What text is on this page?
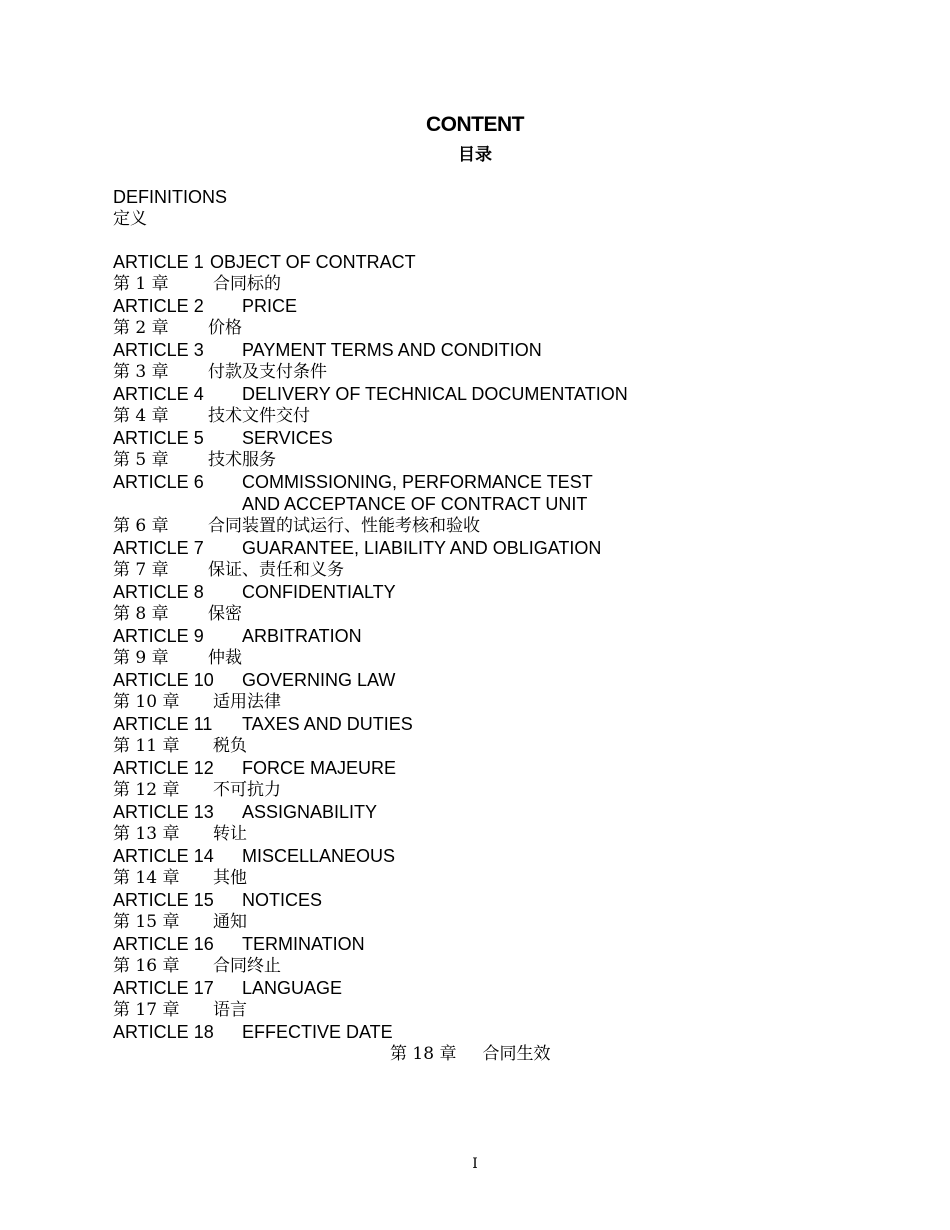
CONTENT
目录
DEFINITIONS
定义
ARTICLE 1 OBJECT OF CONTRACT
第 1 章	合同标的
ARTICLE 2 PRICE
第 2 章 价格
ARTICLE 3 PAYMENT TERMS AND CONDITION
第 3 章 付款及支付条件
ARTICLE 4 DELIVERY OF TECHNICAL DOCUMENTATION
第 4 章 技术文件交付
ARTICLE 5 SERVICES
第 5 章 技术服务
ARTICLE 6 COMMISSIONING, PERFORMANCE TEST
AND ACCEPTANCE OF CONTRACT UNIT
第 6 章 合同装置的试运行、性能考核和验收
ARTICLE 7 GUARANTEE, LIABILITY AND OBLIGATION
第 7 章 保证、责任和义务
ARTICLE 8 CONFIDENTIALTY
第 8 章 保密
ARTICLE 9 ARBITRATION
第 9 章 仲裁
ARTICLE 10 GOVERNING LAW
第 10 章 适用法律
ARTICLE 11 TAXES AND DUTIES
第 11 章 税负
ARTICLE 12 FORCE MAJEURE
第 12 章 不可抗力
ARTICLE 13 ASSIGNABILITY
第 13 章 转让
ARTICLE 14 MISCELLANEOUS
第 14 章 其他
ARTICLE 15 NOTICES
第 15 章 通知
ARTICLE 16 TERMINATION
第 16 章 合同终止
ARTICLE 17 LANGUAGE
第 17 章 语言
ARTICLE 18 EFFECTIVE DATE
第 18 章 合同生效
I
